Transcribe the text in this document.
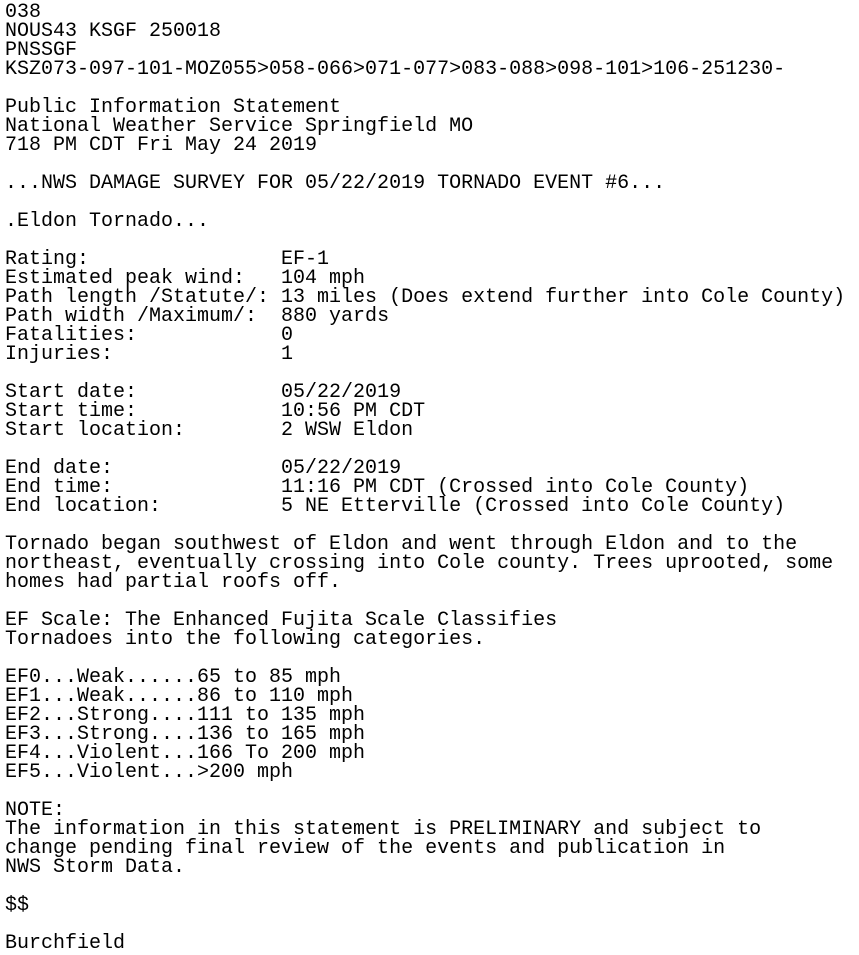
038
NOUS43 KSGF 250018
PNSSGF
KSZ073-097-101-MOZ055>058-066>071-077>083-088>098-101>106-251230-

Public Information Statement
National Weather Service Springfield MO
718 PM CDT Fri May 24 2019

...NWS DAMAGE SURVEY FOR 05/22/2019 TORNADO EVENT #6...

.Eldon Tornado...

Rating:                EF-1
Estimated peak wind:   104 mph
Path length /Statute/: 13 miles (Does extend further into Cole County)
Path width /Maximum/:  880 yards
Fatalities:            0
Injuries:              1

Start date:            05/22/2019
Start time:            10:56 PM CDT
Start location:        2 WSW Eldon

End date:              05/22/2019
End time:              11:16 PM CDT (Crossed into Cole County)
End location:          5 NE Etterville (Crossed into Cole County)

Tornado began southwest of Eldon and went through Eldon and to the
northeast, eventually crossing into Cole county. Trees uprooted, some
homes had partial roofs off.

EF Scale: The Enhanced Fujita Scale Classifies
Tornadoes into the following categories.

EF0...Weak......65 to 85 mph
EF1...Weak......86 to 110 mph
EF2...Strong....111 to 135 mph
EF3...Strong....136 to 165 mph
EF4...Violent...166 To 200 mph
EF5...Violent...>200 mph

NOTE:
The information in this statement is PRELIMINARY and subject to
change pending final review of the events and publication in
NWS Storm Data.

$$

Burchfield
